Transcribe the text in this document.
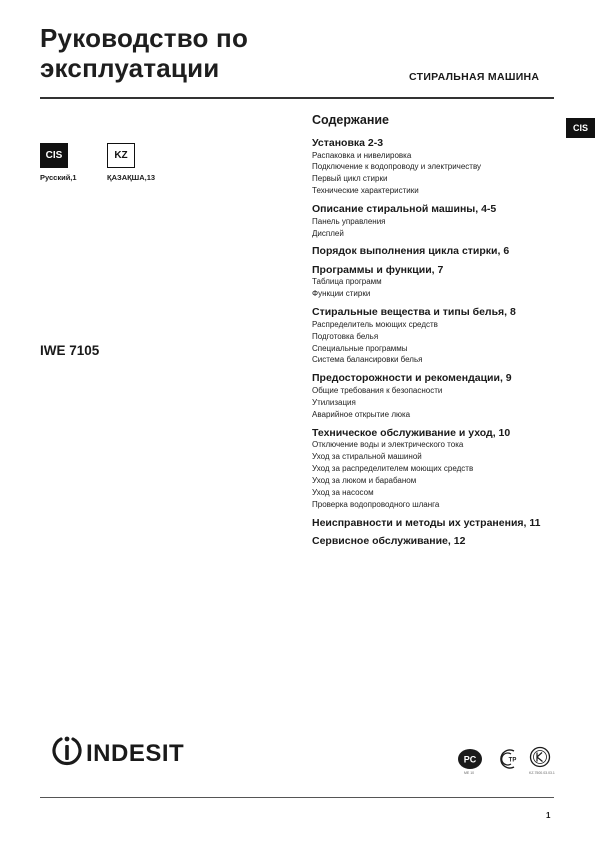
Руководство по
эксплуатации	СТИРАЛЬНАЯ МАШИНА
CIS
CIS
Русский,1
KZ
ҚАЗАҚША,13
IWE 7105
Содержание
Установка 2-3
Распаковка и нивелировка
Подключение к водопроводу и электричеству
Первый цикл стирки
Технические характеристики
Описание стиральной машины, 4-5
Панель управления
Дисплей
Порядок выполнения цикла стирки, 6
Программы и функции, 7
Таблица программ
Функции стирки
Стиральные вещества и типы белья, 8
Распределитель моющих средств
Подготовка белья
Специальные программы
Система балансировки белья
Предосторожности и рекомендации, 9
Общие требования к безопасности
Утилизация
Аварийное открытие люка
Техническое обслуживание и уход, 10
Отключение воды и электрического тока
Уход за стиральной машиной
Уход за распределителем моющих средств
Уход за люком и барабаном
Уход за насосом
Проверка водопроводного шланга
Неисправности и методы их устранения, 11
Сервисное обслуживание, 12
INDESIT	PC
МЕ 10
TP
KZ.7500.03.03.1
1
